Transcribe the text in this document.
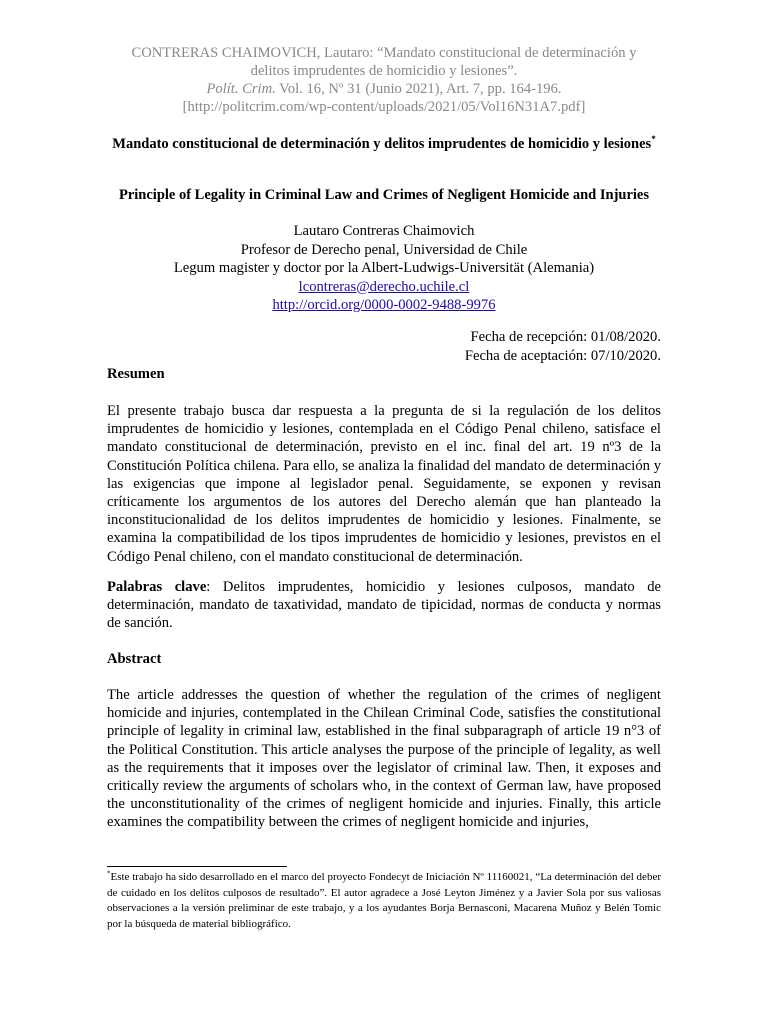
CONTRERAS CHAIMOVICH, Lautaro: “Mandato constitucional de determinación y
delitos imprudentes de homicidio y lesiones”.
Polít. Crim. Vol. 16, Nº 31 (Junio 2021), Art. 7, pp. 164-196.
[http://politcrim.com/wp-content/uploads/2021/05/Vol16N31A7.pdf]
Mandato constitucional de determinación y delitos imprudentes de homicidio y lesiones*
Principle of Legality in Criminal Law and Crimes of Negligent Homicide and Injuries
Lautaro Contreras Chaimovich
Profesor de Derecho penal, Universidad de Chile
Legum magister y doctor por la Albert-Ludwigs-Universität (Alemania)
lcontreras@derecho.uchile.cl
http://orcid.org/0000-0002-9488-9976
Fecha de recepción: 01/08/2020.
Fecha de aceptación: 07/10/2020.
Resumen

El presente trabajo busca dar respuesta a la pregunta de si la regulación de los delitos imprudentes de homicidio y lesiones, contemplada en el Código Penal chileno, satisface el mandato constitucional de determinación, previsto en el inc. final del art. 19 nº3 de la Constitución Política chilena. Para ello, se analiza la finalidad del mandato de determinación y las exigencias que impone al legislador penal. Seguidamente, se exponen y revisan críticamente los argumentos de los autores del Derecho alemán que han planteado la inconstitucionalidad de los delitos imprudentes de homicidio y lesiones. Finalmente, se examina la compatibilidad de los tipos imprudentes de homicidio y lesiones, previstos en el Código Penal chileno, con el mandato constitucional de determinación.

Palabras clave: Delitos imprudentes, homicidio y lesiones culposos, mandato de determinación, mandato de taxatividad, mandato de tipicidad, normas de conducta y normas de sanción.

Abstract

The article addresses the question of whether the regulation of the crimes of negligent homicide and injuries, contemplated in the Chilean Criminal Code, satisfies the constitutional principle of legality in criminal law, established in the final subparagraph of article 19 n°3 of the Political Constitution. This article analyses the purpose of the principle of legality, as well as the requirements that it imposes over the legislator of criminal law. Then, it exposes and critically review the arguments of scholars who, in the context of German law, have proposed the unconstitutionality of the crimes of negligent homicide and injuries. Finally, this article examines the compatibility between the crimes of negligent homicide and injuries,

*Este trabajo ha sido desarrollado en el marco del proyecto Fondecyt de Iniciación Nº 11160021, “La determinación del deber de cuidado en los delitos culposos de resultado”. El autor agradece a José Leyton Jiménez y a Javier Sola por sus valiosas observaciones a la versión preliminar de este trabajo, y a los ayudantes Borja Bernasconi, Macarena Muñoz y Belén Tomic por la búsqueda de material bibliográfico.
